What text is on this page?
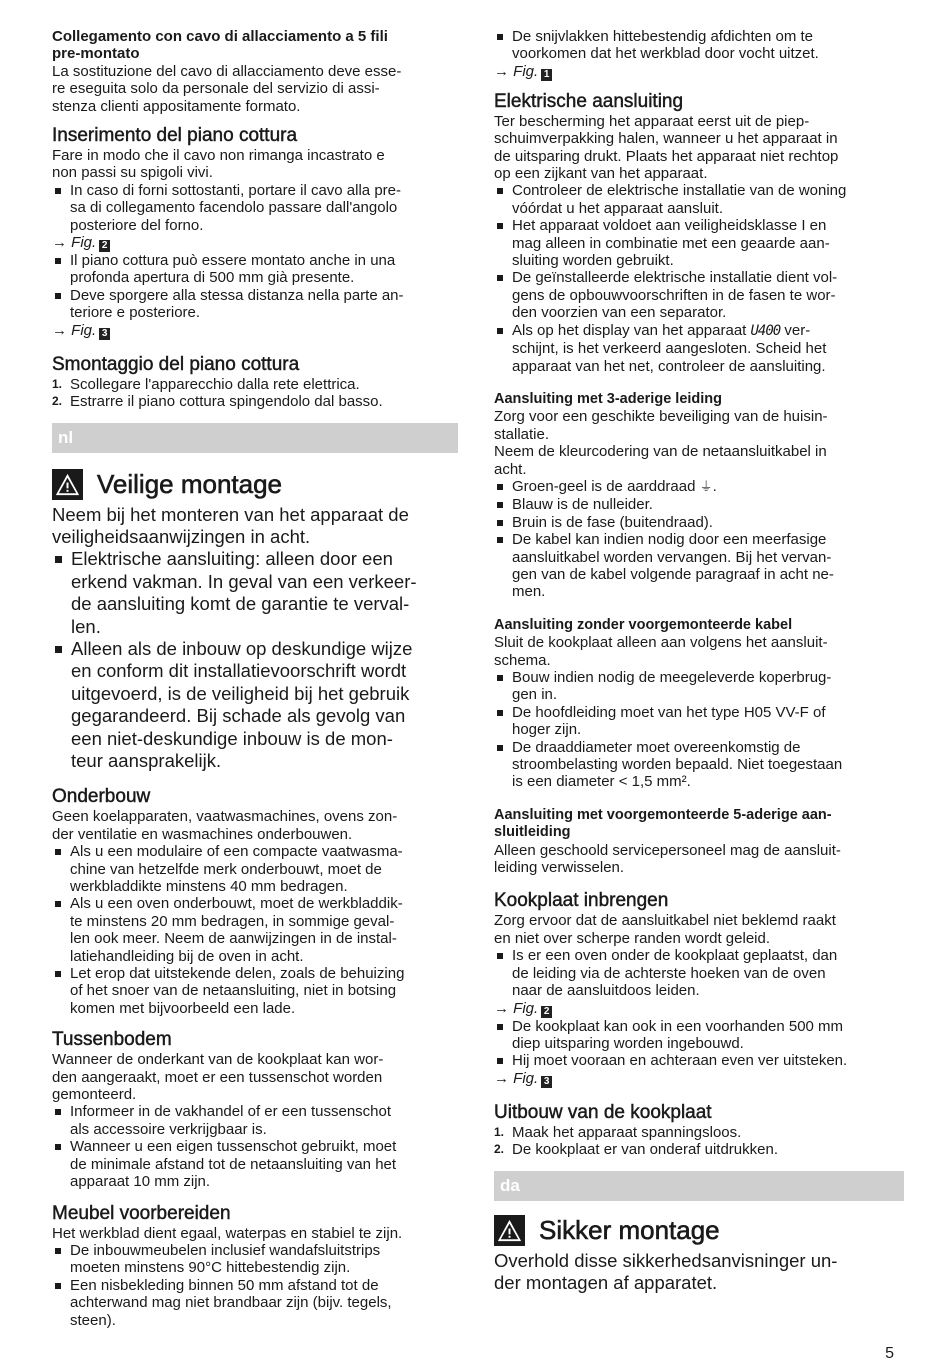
Collegamento con cavo di allacciamento a 5 fili

pre-montato

La sostituzione del cavo di allacciamento deve esse-

re eseguita solo da personale del servizio di assi-

stenza clienti appositamente formato.

Inserimento del piano cottura

Fare in modo che il cavo non rimanga incastrato e

non passi su spigoli vivi.

In caso di forni sottostanti, portare il cavo alla pre-
sa di collegamento facendolo passare dall'angolo
posteriore del forno.

→ Fig. 2

Il piano cottura può essere montato anche in una
profonda apertura di 500 mm già presente.
Deve sporgere alla stessa distanza nella parte an-
teriore e posteriore.

→ Fig. 3

Smontaggio del piano cottura

1. Scollegare l'apparecchio dalla rete elettrica.
2. Estrarre il piano cottura spingendolo dal basso.
nl
Veilige montage

Neem bij het monteren van het apparaat de

veiligheidsaanwijzingen in acht.

Elektrische aansluiting: alleen door een
erkend vakman. In geval van een verkeer-
de aansluiting komt de garantie te verval-
len.
Alleen als de inbouw op deskundige wijze
en conform dit installatievoorschrift wordt
uitgevoerd, is de veiligheid bij het gebruik
gegarandeerd. Bij schade als gevolg van
een niet-deskundige inbouw is de mon-
teur aansprakelijk.

Onderbouw

Geen koelapparaten, vaatwasmachines, ovens zon-

der ventilatie en wasmachines onderbouwen.

Als u een modulaire of een compacte vaatwasma-
chine van hetzelfde merk onderbouwt, moet de
werkbladdikte minstens 40 mm bedragen.
Als u een oven onderbouwt, moet de werkbladdik-
te minstens 20 mm bedragen, in sommige geval-
len ook meer. Neem de aanwijzingen in de instal-
latiehandleiding bij de oven in acht.
Let erop dat uitstekende delen, zoals de behuizing
of het snoer van de netaansluiting, niet in botsing
komen met bijvoorbeeld een lade.

Tussenbodem

Wanneer de onderkant van de kookplaat kan wor-

den aangeraakt, moet er een tussenschot worden

gemonteerd.

Informeer in de vakhandel of er een tussenschot
als accessoire verkrijgbaar is.
Wanneer u een eigen tussenschot gebruikt, moet
de minimale afstand tot de netaansluiting van het
apparaat 10 mm zijn.

Meubel voorbereiden

Het werkblad dient egaal, waterpas en stabiel te zijn.

De inbouwmeubelen inclusief wandafsluitstrips
moeten minstens 90°C hittebestendig zijn.
Een nisbekleding binnen 50 mm afstand tot de
achterwand mag niet brandbaar zijn (bijv. tegels,
steen).
De snijvlakken hittebestendig afdichten om te
voorkomen dat het werkblad door vocht uitzet.

→ Fig. 1

Elektrische aansluiting

Ter bescherming het apparaat eerst uit de piep-

schuimverpakking halen, wanneer u het apparaat in

de uitsparing drukt. Plaats het apparaat niet rechtop

op een zijkant van het apparaat.

Controleer de elektrische installatie van de woning
vóórdat u het apparaat aansluit.
Het apparaat voldoet aan veiligheidsklasse I en
mag alleen in combinatie met een geaarde aan-
sluiting worden gebruikt.
De geïnstalleerde elektrische installatie dient vol-
gens de opbouwvoorschriften in de fasen te wor-
den voorzien van een separator.
Als op het display van het apparaat U400 ver-
schijnt, is het verkeerd aangesloten. Scheid het
apparaat van het net, controleer de aansluiting.

Aansluiting met 3-aderige leiding

Zorg voor een geschikte beveiliging van de huisin-

stallatie.

Neem de kleurcodering van de netaansluitkabel in

acht.

Groen-geel is de aarddraad ⏚.
Blauw is de nulleider.
Bruin is de fase (buitendraad).
De kabel kan indien nodig door een meerfasige
aansluitkabel worden vervangen. Bij het vervan-
gen van de kabel volgende paragraaf in acht ne-
men.

Aansluiting zonder voorgemonteerde kabel

Sluit de kookplaat alleen aan volgens het aansluit-

schema.

Bouw indien nodig de meegeleverde koperbrug-
gen in.
De hoofdleiding moet van het type H05 VV-F of
hoger zijn.
De draaddiameter moet overeenkomstig de
stroombelasting worden bepaald. Niet toegestaan
is een diameter < 1,5 mm².

Aansluiting met voorgemonteerde 5-aderige aan-

sluitleiding

Alleen geschoold servicepersoneel mag de aansluit-

leiding verwisselen.

Kookplaat inbrengen

Zorg ervoor dat de aansluitkabel niet beklemd raakt

en niet over scherpe randen wordt geleid.

Is er een oven onder de kookplaat geplaatst, dan
de leiding via de achterste hoeken van de oven
naar de aansluitdoos leiden.

→ Fig. 2

De kookplaat kan ook in een voorhanden 500 mm
diep uitsparing worden ingebouwd.
Hij moet vooraan en achteraan even ver uitsteken.

→ Fig. 3

Uitbouw van de kookplaat

1. Maak het apparaat spanningsloos.
2. De kookplaat er van onderaf uitdrukken.
da
Sikker montage

Overhold disse sikkerhedsanvisninger un-

der montagen af apparatet.

5
